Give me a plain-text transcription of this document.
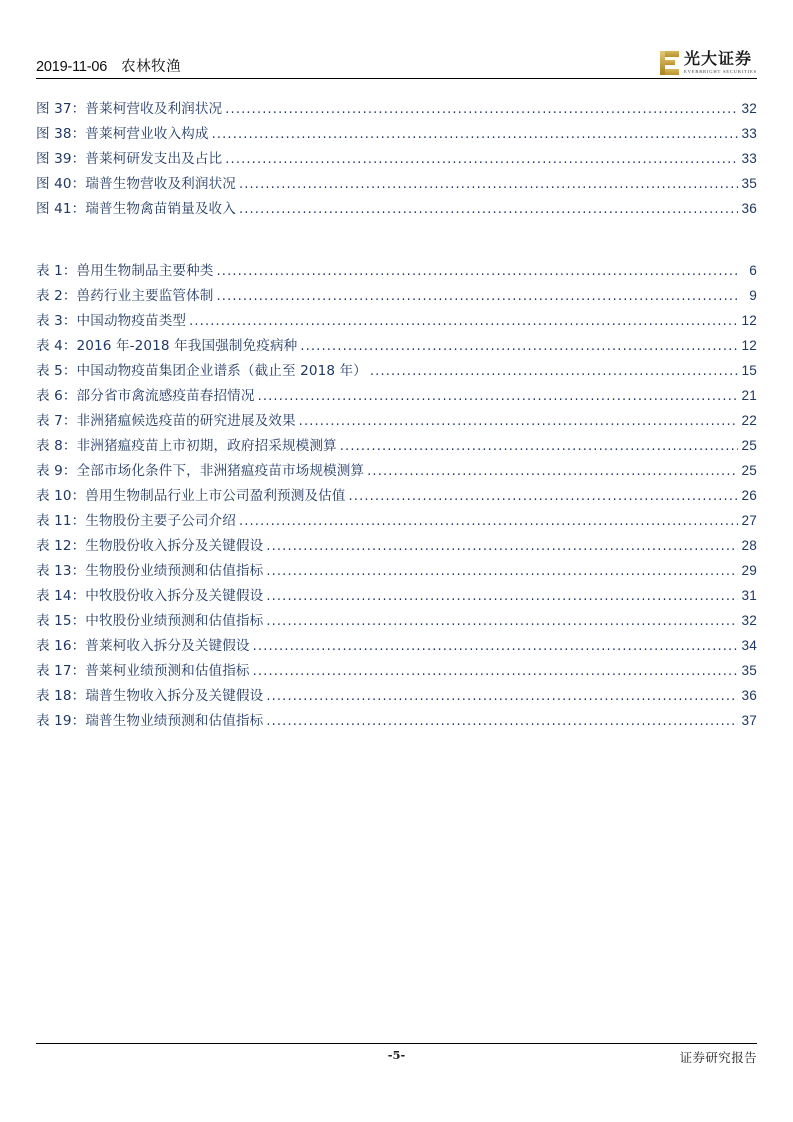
2019-11-06 农林牧渔	光大证券
EVERBRIGHT SECURITIES
图 37：普莱柯营收及利润状况 .....	32
图 38：普莱柯营业收入构成 .....	33
图 39：普莱柯研发支出及占比 .....	33
图 40：瑞普生物营收及利润状况 .....	35
图 41：瑞普生物禽苗销量及收入 .....	36
表 1：兽用生物制品主要种类 .....	6
表 2：兽药行业主要监管体制 .....	9
表 3：中国动物疫苗类型 .....	12
表 4：2016 年-2018 年我国强制免疫病种 .....	12
表 5：中国动物疫苗集团企业谱系（截止至 2018 年） .....	15
表 6：部分省市禽流感疫苗春招情况 .....	21
表 7：非洲猪瘟候选疫苗的研究进展及效果 .....	22
表 8：非洲猪瘟疫苗上市初期，政府招采规模测算 .....	25
表 9：全部市场化条件下，非洲猪瘟疫苗市场规模测算 .....	25
表 10：兽用生物制品行业上市公司盈利预测及估值 .....	26
表 11：生物股份主要子公司介绍 .....	27
表 12：生物股份收入拆分及关键假设 .....	28
表 13：生物股份业绩预测和估值指标 .....	29
表 14：中牧股份收入拆分及关键假设 .....	31
表 15：中牧股份业绩预测和估值指标 .....	32
表 16：普莱柯收入拆分及关键假设 .....	34
表 17：普莱柯业绩预测和估值指标 .....	35
表 18：瑞普生物收入拆分及关键假设 .....	36
表 19：瑞普生物业绩预测和估值指标 .....	37
-5-	证券研究报告
